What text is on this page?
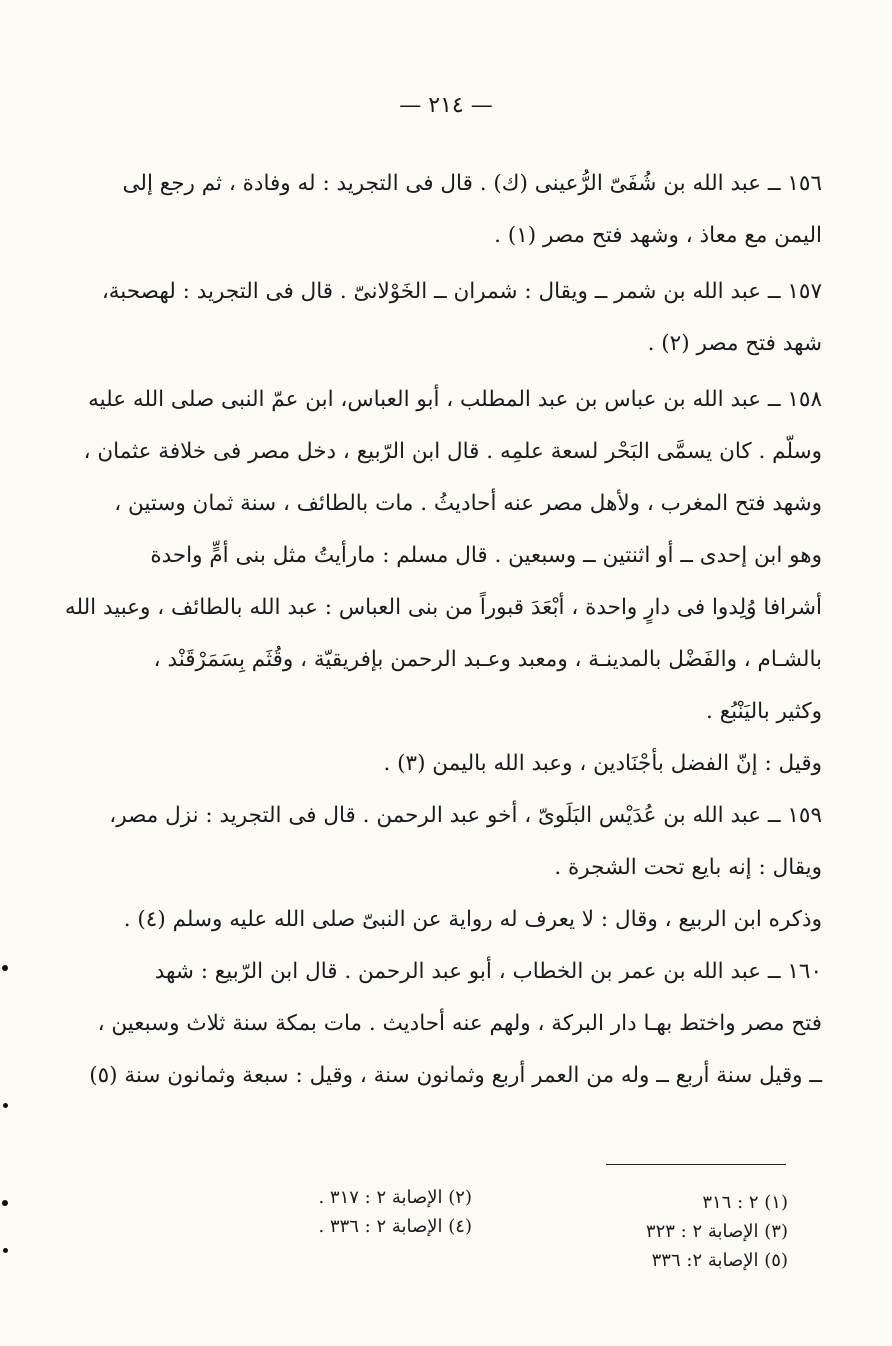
— ٢١٤ —
١٥٦ ــ عبد الله بن شُفَىّ الرُّعينى (ك) . قال فى التجريد : له وفادة ، ثم رجع إلى
اليمن مع معاذ ، وشهد فتح مصر (١) .
١٥٧ ــ عبد الله بن شمر ــ ويقال : شمران ــ الخَوْلانىّ . قال فى التجريد : لهصحبة،
شهد فتح مصر (٢) .
١٥٨ ــ عبد الله بن عباس بن عبد المطلب ، أبو العباس، ابن عمّ النبى صلى الله عليه
وسلّم . كان يسمَّى البَحْر لسعة علمِه . قال ابن الرّبيع ، دخل مصر فى خلافة عثمان ،
وشهد فتح المغرب ، ولأهل مصر عنه أحاديثُ . مات بالطائف ، سنة ثمان وستين ،
وهو ابن إحدى ــ أو اثنتين ــ وسبعين . قال مسلم : مارأيتُ مثل بنى أمٍّ واحدة
أشرافا وُلِدوا فى دارٍ واحدة ، أبْعَدَ قبوراً من بنى العباس : عبد الله بالطائف ، وعبيد الله
بالشـام ، والفَضْل بالمدينـة ، ومعبد وعـبد الرحمن بإفريقيّة ، وقُثَم بِسَمَرْقَنْد ،
وكثير باليَنْبُع .
وقيل : إنّ الفضل بأجْنَادين ، وعبد الله باليمن (٣) .
١٥٩ ــ عبد الله بن عُدَيْس البَلَوىّ ، أخو عبد الرحمن . قال فى التجريد : نزل مصر،
ويقال : إنه بايع تحت الشجرة .
وذكره ابن الربيع ، وقال : لا يعرف له رواية عن النبىّ صلى الله عليه وسلم (٤) .
١٦٠ ــ عبد الله بن عمر بن الخطاب ، أبو عبد الرحمن . قال ابن الرّبيع : شهد
فتح مصر واختط بهـا دار البركة ، ولهم عنه أحاديث . مات بمكة سنة ثلاث وسبعين ،
ــ وقيل سنة أربع ــ وله من العمر أربع وثمانون سنة ، وقيل : سبعة وثمانون سنة (٥)
(١) ٢ : ٣١٦
(٣) الإصابة ٢ : ٣٢٣
(٥) الإصابة ٢: ٣٣٦
(٢) الإصابة ٢ : ٣١٧ .
(٤) الإصابة ٢ : ٣٣٦ .
